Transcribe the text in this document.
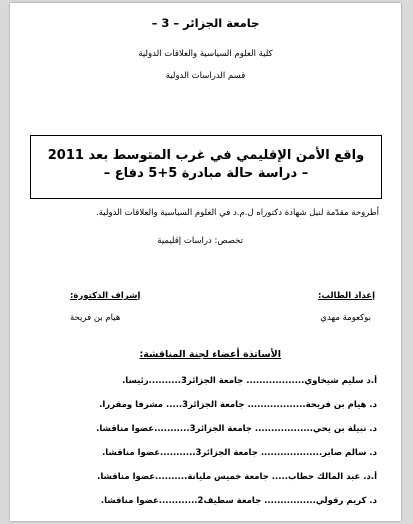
جامعة الجزائر – 3 –
كلية العلوم السياسية والعلاقات الدولية
قسم الدراسات الدولية
واقع الأمن الإقليمي في غرب المتوسط بعد 2011
– دراسة حالة مبادرة 5+5 دفاع –
أطروحة مقدّمة لنيل شهادة دكتوراه ل.م.د في العلوم السياسية والعلاقات الدولية.
تخصص: دراسات إقليمية
إعداد الطالب:
إشراف الدكتورة:
بوكعومة مهدي
هيام بن فريحة
الأساتذة أعضاء لجنة المناقشة:
أ.د سليم شيخاوي.................. جامعة الجزائر3..........رئيسا.
د. هيام بن فريحة.................. جامعة الجزائر3..... مشرفا ومقررا.
د. نبيلة بن يحي.................. جامعة الجزائر3...........عضوا مناقشا.
د. سالم صابر................... جامعة الجزائر3...........عضوا مناقشا.
أ.د. عبد المالك حطاب..... جامعة خميس مليانة..........عضوا مناقشا.
د. كريم رقولي................ جامعة سطيف2............عضوا مناقشا.
